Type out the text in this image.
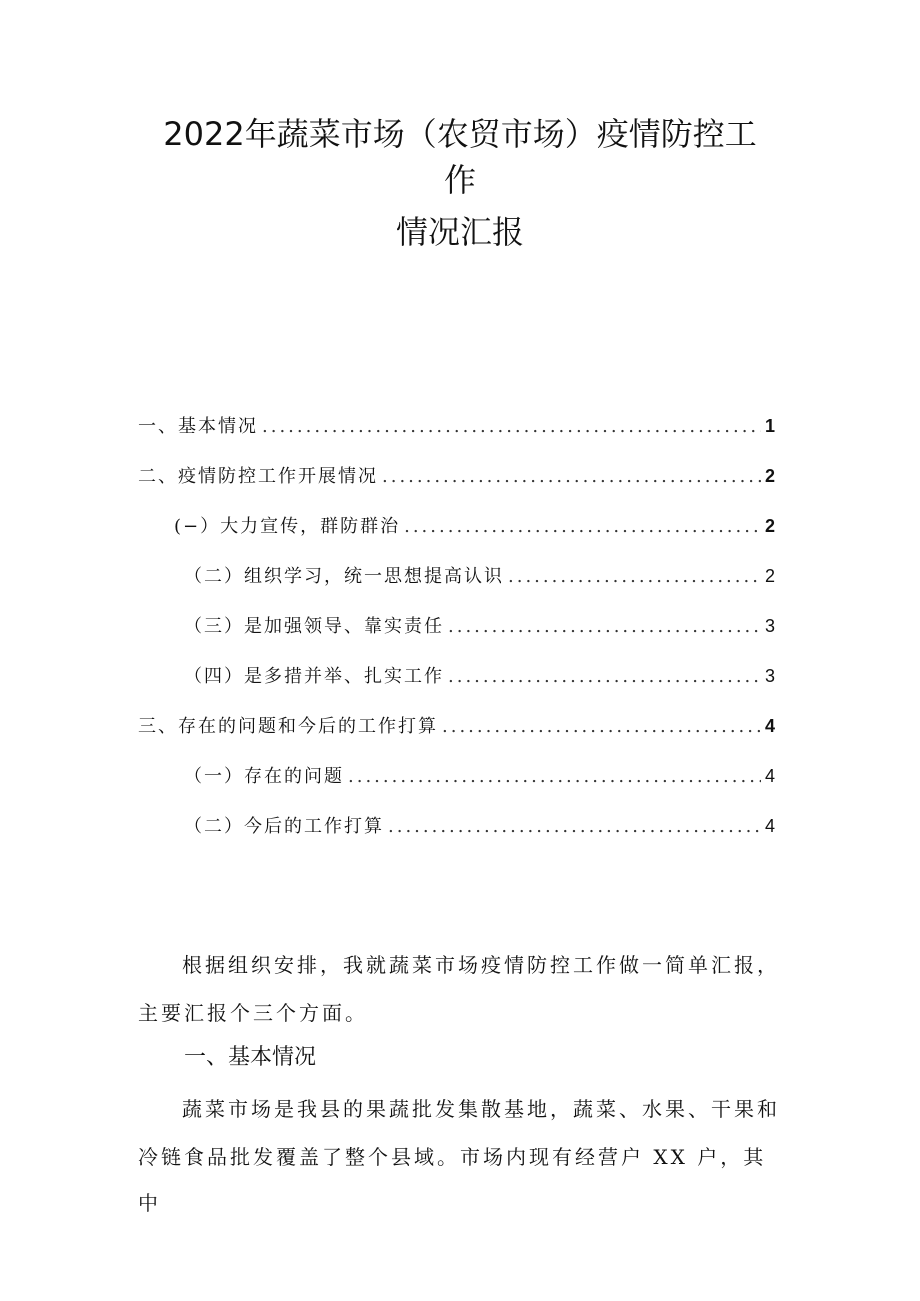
2022年蔬菜市场（农贸市场）疫情防控工
作
情况汇报
一、基本情况 .....	1
二、疫情防控工作开展情况 .....	2
(−）大力宣传，群防群治 .....	2
（二）组织学习，统一思想提高认识 .....	2
（三）是加强领导、靠实责任 .....	3
（四）是多措并举、扎实工作 .....	3
三、存在的问题和今后的工作打算 .....	4
（一）存在的问题 .....	4
（二）今后的工作打算 .....	4
根据组织安排，我就蔬菜市场疫情防控工作做一简单汇报，
主要汇报个三个方面。
一、基本情况
蔬菜市场是我县的果蔬批发集散基地，蔬菜、水果、干果和
冷链食品批发覆盖了整个县域。市场内现有经营户 XX 户，其中
